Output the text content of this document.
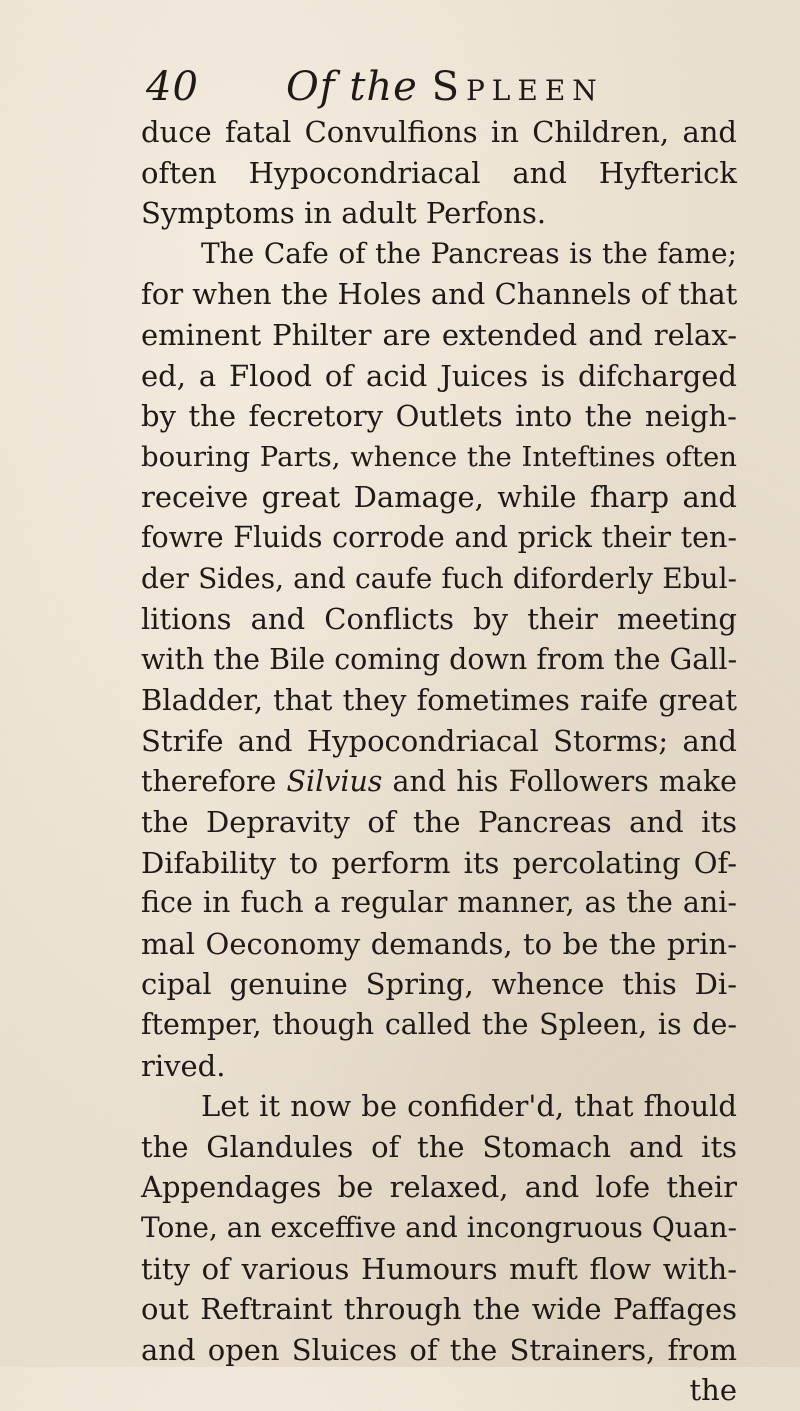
40	Of the Spleen
duce fatal Convulfions in Children, and
often Hypocondriacal and Hyfterick
Symptoms in adult Perfons.
The Cafe of the Pancreas is the fame;
for when the Holes and Channels of that
eminent Philter are extended and relax-
ed, a Flood of acid Juices is difcharged
by the fecretory Outlets into the neigh-
bouring Parts, whence the Inteftines often
receive great Damage, while fharp and
fowre Fluids corrode and prick their ten-
der Sides, and caufe fuch diforderly Ebul-
litions and Conflicts by their meeting
with the Bile coming down from the Gall-
Bladder, that they fometimes raife great
Strife and Hypocondriacal Storms; and
therefore Silvius and his Followers make
the Depravity of the Pancreas and its
Difability to perform its percolating Of-
fice in fuch a regular manner, as the ani-
mal Oeconomy demands, to be the prin-
cipal genuine Spring, whence this Di-
ftemper, though called the Spleen, is de-
rived.
Let it now be confider'd, that fhould
the Glandules of the Stomach and its
Appendages be relaxed, and lofe their
Tone, an exceffive and incongruous Quan-
tity of various Humours muft flow with-
out Reftraint through the wide Paffages
and open Sluices of the Strainers, from
the
